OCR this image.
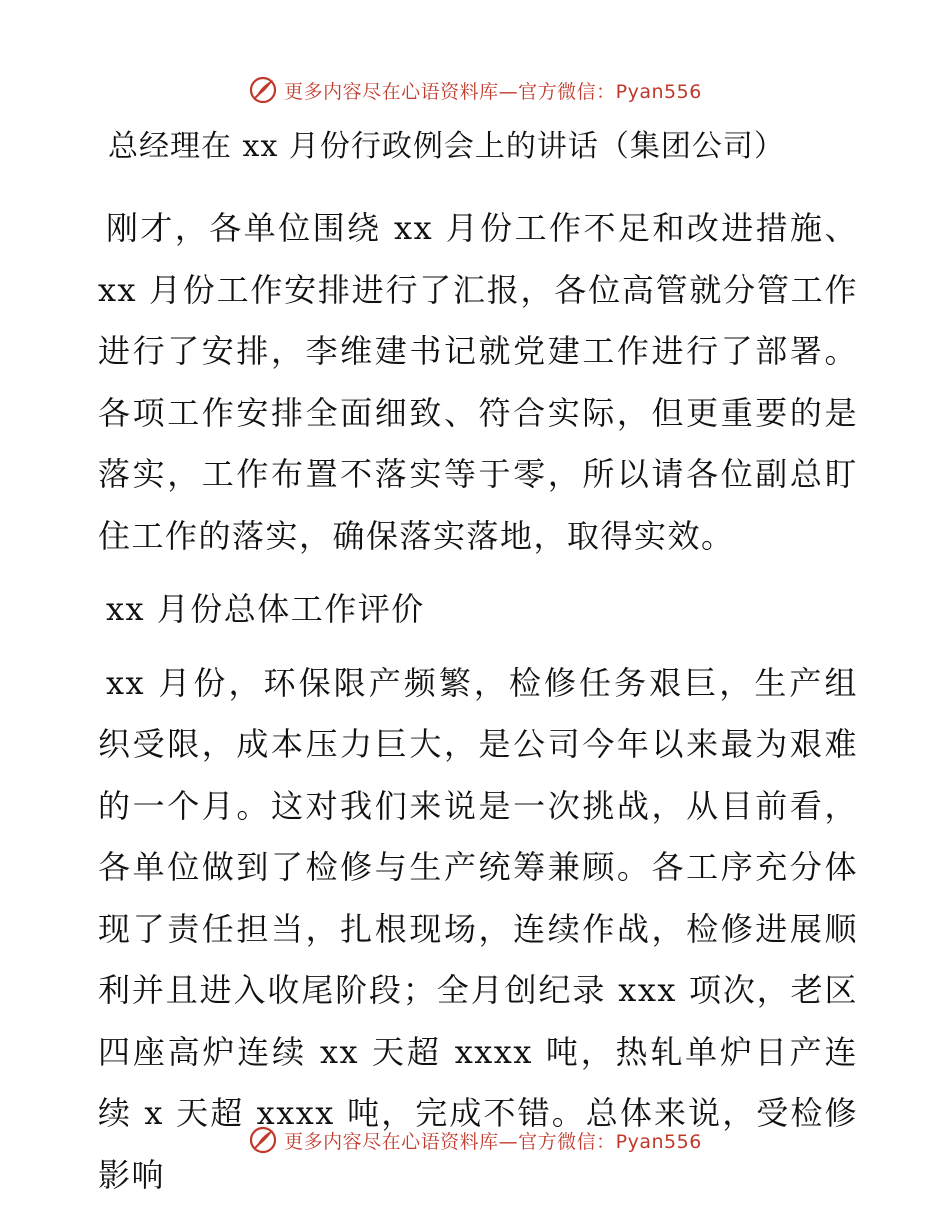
更多内容尽在心语资料库—官方微信：Pyan556
总经理在 xx 月份行政例会上的讲话（集团公司）

刚才，各单位围绕 xx 月份工作不足和改进措施、xx 月份工作安排进行了汇报，各位高管就分管工作进行了安排，李维建书记就党建工作进行了部署。各项工作安排全面细致、符合实际，但更重要的是落实，工作布置不落实等于零，所以请各位副总盯住工作的落实，确保落实落地，取得实效。

xx 月份总体工作评价

xx 月份，环保限产频繁，检修任务艰巨，生产组织受限，成本压力巨大，是公司今年以来最为艰难的一个月。这对我们来说是一次挑战，从目前看，各单位做到了检修与生产统筹兼顾。各工序充分体现了责任担当，扎根现场，连续作战，检修进展顺利并且进入收尾阶段；全月创纪录 xxx 项次，老区四座高炉连续 xx 天超 xxxx 吨，热轧单炉日产连续 x 天超 xxxx 吨，完成不错。总体来说，受检修影响

更多内容尽在心语资料库—官方微信：Pyan556
